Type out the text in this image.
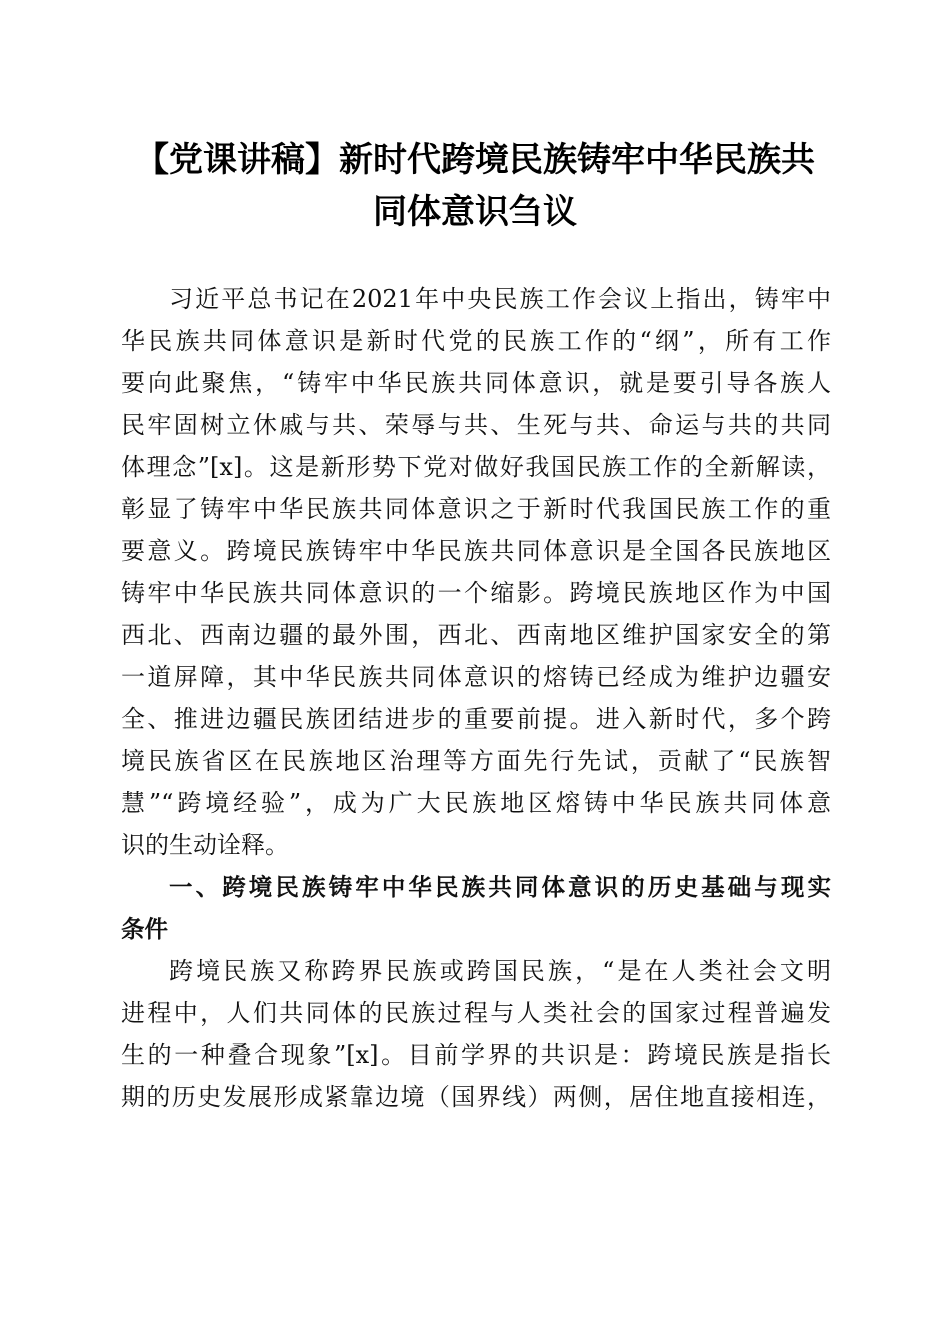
【党课讲稿】新时代跨境民族铸牢中华民族共
同体意识刍议
习近平总书记在2021年中央民族工作会议上指出，铸牢中
华民族共同体意识是新时代党的民族工作的“纲”，所有工作
要向此聚焦，“铸牢中华民族共同体意识，就是要引导各族人
民牢固树立休戚与共、荣辱与共、生死与共、命运与共的共同
体理念”[x]。这是新形势下党对做好我国民族工作的全新解读，
彰显了铸牢中华民族共同体意识之于新时代我国民族工作的重
要意义。跨境民族铸牢中华民族共同体意识是全国各民族地区
铸牢中华民族共同体意识的一个缩影。跨境民族地区作为中国
西北、西南边疆的最外围，西北、西南地区维护国家安全的第
一道屏障，其中华民族共同体意识的熔铸已经成为维护边疆安
全、推进边疆民族团结进步的重要前提。进入新时代，多个跨
境民族省区在民族地区治理等方面先行先试，贡献了“民族智
慧”“跨境经验”，成为广大民族地区熔铸中华民族共同体意
识的生动诠释。
一、跨境民族铸牢中华民族共同体意识的历史基础与现实
条件
跨境民族又称跨界民族或跨国民族，“是在人类社会文明
进程中，人们共同体的民族过程与人类社会的国家过程普遍发
生的一种叠合现象”[x]。目前学界的共识是：跨境民族是指长
期的历史发展形成紧靠边境（国界线）两侧，居住地直接相连，
